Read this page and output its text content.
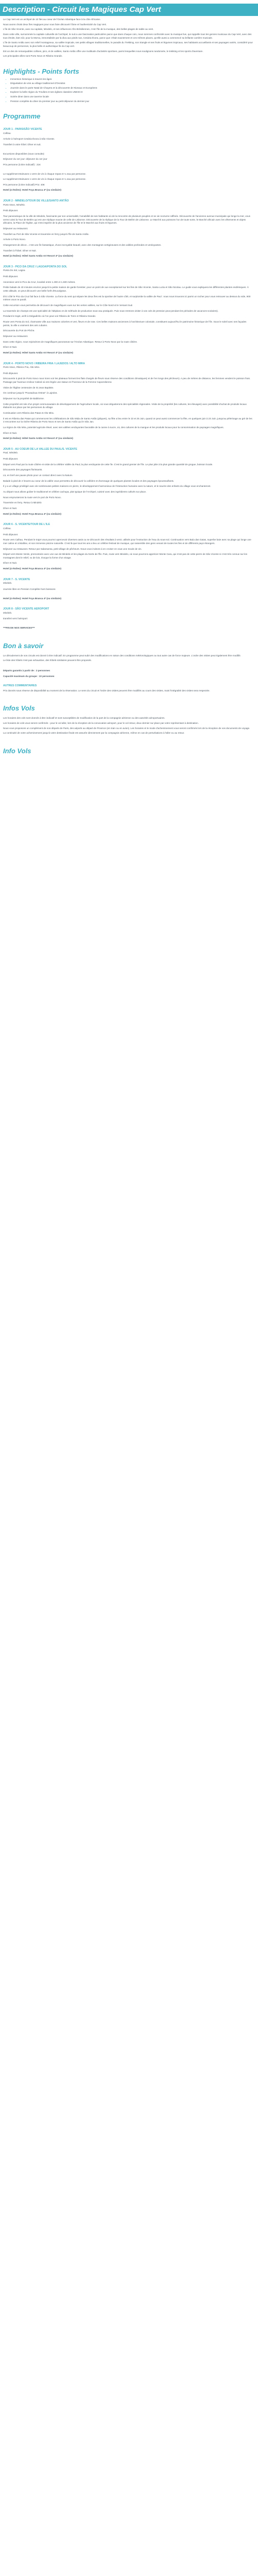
Description - Circuit les Magiques Cap Vert

Le Cap Vert est un archipel de 10 îles au coeur de l'Océan Atlantique face à la côte Africaine.

Nous avons choisi deux îles magiques pour vous faire découvrir l'âme et l'authenticité du Cap Vert.

L'île de São Vicente, avec sa capitale, Mindelo, et ses influences Afro-Brésiliennes, c'est l'île de la musique, des belles plages de sable au vent.

Dans cette ville, surnommée la capitale culturelle de l'archipel, le nuit a une fascination particulière parce que dans chaque coin, nous sommes confrontés avec la musique live, qui rappelle tous les genres musicaux du Cap-Vert, avec des tous étroits, bien sûr, pour la Morna, immortalisée par la diva aux pieds nus, Cesária Évora, parce que c'était exactement et ces mêmes places, qu'elle aussi a commencé sa brillante carrière musicale.

L'île de Santo Antão avec son relief montagneux, sa vallée tropicale, ses petits villages traditionnelles, le paradis du Trekking, son triangle et ses fruits et légumes tropicaux, ses habitants accueillants et ses paysages variés, considéré pour beaucoup de personnes, la plus belle et authentique île du Cap vert.

Est un des de remarquables collines, pics, et de vallées, Santo Antão offre une multitude d'activités sportives, parmi lesquelles nous soulignons randonnée, le trekking et les sports d'aventure.

Les principales villes sont Porto Novo et Ribeira Grande.

Highlights - Points forts
• Immersion historique à travers les âges
• Dégustation de vins au village traditionnel d'Ovnidos
• Journée dans le parte Natal de Chayera et la découverte de Niveaux et Européens
• Explorer la belle région du Trovães et ses églises classées UNESCO
• Soirée diner dans une taverne locale
• Pension complète du diner du premier jour au petit déjeuner du dernier jour
Programme
JOUR 1 - PARIS/SÃO VICENTE
Calhau.

Arrivée à l'aéroport Cesária Évora à São Vicente.

Transfert à votre hôtel. Dîner et nuit.

Excursions disponibles (sous consulte):

Déjeuner du 1er jour: déjeuner du 1er jour

Prix personne (à titre indicatif) : 21€

Le supplément Boisvans 1 verre de vin à chaque repas et ¼ eau par personne.

Le supplément Boisvans 1 verre de vin à chaque repas et ¼ eau par personne.

Prix personne (à titre indicatif) Prix: 40€

Hotel (4 étoiles): Hotel Foya Branca 4* (ou similaire)

JOUR 2 - MINDELO/TOUR DE VILLE/SANTO ANTÃO
Porto Novo, Mindelo.

Petit déjeuner.

Tour panoramique de la ville de Mindelo, fascinante par son universalité, l'amabilité de ses habitants où de la rencontre de plusieurs peuples et se vie nocturne raffinée. Découverte de l'ancienne avenue municipale qui longe la mer, vous verrez ainsi la Tour de Belém qui est une réplique exacte de celle de Lisbonne. Découverte de la réplique de la Tour de Belém de Lisbonne. Le Marché aux poissons l'un de toute sorte, le Marché africain avec les vêtements et objets africains, la Place de l'église, qui s'est inspirée de la plus ancienne de l'île et le Marché aux fruits et légumes.

Déjeuner au restaurant.

Transfert au Port de São Vicente et traversée en ferry jusqu'à l'île de Santo Antão.

Arrivée à Porto Novo.

Changement de décor... c'est une île fantastique, d'une incroyable beauté, avec des montagnes vertigineuses et des vallées profondes et verdoyantes.

Transfert à l'hôtel. Dîner et Nuit.

Hotel (4 étoiles): Hôtel Santo Antão Art Resort 4* (ou similaire)

JOUR 3 - PICO DA CRUZ / LAGOA/PONTA DO SOL
Ponta Do Sol, Lagoa.

Petit déjeuner.

Ascension vers le Pico da Cruz, localisé entre 1.300 et 1.600 mètres.

Petite balade de 40 minutes environ jusqu'à la petite maison de garde forestier, pour un point de vue exceptionnel sur les îles de São Vicente, Santa Luzia et São Nicolau. Le guide vous expliquera les différentes plantes endémiques. À cette altitude, on peut découvrir une belle forêt d'Eucalyptus.

D'ici côté le Pico da Cruz fait face à São Vicente. La force du vent qui sépare les deux îles est la sportive de l'autre côté, et surplombe la vallée de Paul : nous nous trouvons ici parmi un rocher pour vous retrouver au dessus du vide, 900 mètres vous ne paraît.

Cette excursion vous permettra de découvrir de magnifiques vues sur les vertes vallées, sur le Côte Nord et le Versant Sud.

La traversée de champs est une spécialité de l'altiplano et de méthode de production sous eau pratiquée. Puis nous rentrons visiter à vos cols de pression peut pendant les périodes de vacances scolaires).

Pendant le trajet, arrêt à Delgadinho où l'on peut voir Ribeira de Torre et Ribeira Grande.

Route vers Ponta do Sol, charmante ville aux maisons colorées et vert, fleurs et de rose. Ces belles maisons anciennes à l'architecture coloniale, constituent aujourd'hui le patrimoine historique de l'île. Sous le soleil avec ses façades peints, la ville a vraiment des airs cubains.

Découverte du Port de Pêche.

Déjeuner au restaurant.

Dans cette région, nous rejoindrons de magnifiques panoramas sur l'Océan Atlantique. Retour à Porto Novo par la route côtière.

Dîner et Nuit.

Hotel (4 étoiles): Hôtel Santo Antão Art Resort 4* (ou similaire)

JOUR 4 - PORTO NOVO / RIBEIRA FRIA / LAJEDOS / ALTO MIRA
Porto Novo, Ribeira Fria, Alto Mira.

Petit déjeuner.

Découverte à pied de Porto Novo nous trons voir les plateaux forment les flats chargés de fleurs sous réserve des conditions climatiques) et de l'en longs des pêcheurs). A peu de mètres de distance, les femmes vendent le poisson frais. Passage par l'avenue Amilcar Cabral où est érigée une statue en l'honneur de la Femme Capverdienne.

Visite de l'Église centenaire de St Jean Baptiste.

On continue jusqu'à "Pousadoua Ostras" à Lajedos.

Déjeuner sur la propriété de Babilonne.

Cette propriété est née d'un projet communautaire de développement de l'agriculture locale, où nous dégusterons des spécialités régionales. Visite de la propriété (les cultures, les élevages) avec possibilité d'achat de produits locaux élaborés sur place par les personnes du village.

Continuation vers Ribeira das Patas et Alto Mira.

Il est en Ribeira das Patas qui commencent les célébrations de São Mida de Santo Antão (pâques), sa fête a lieu entre le 23 et 25 Juin, quand on peut aussi commencer la fête, en quelques juin à 23 Juin, jusqu'au pélerinage au gré de les 3 rencontres sur la rivière Ribeira de Porto Novo et ses de Santo Antão qui le São Jan.

La région de Alto Mira, potentiel agricole élevé, avec ses vallées verdoyantes favorable de la canne à sucre, où, des cultures de la mangue et les produits locaux pour la consommation de paysages magnifiques.

Dîner et Nuit.

Hotel (4 étoiles): Hôtel Santo Antão Art Resort 4* (ou similaire)

JOUR 5 - AU COEUR DE LA VALLEE DU PAUL/S. VICENTE
Paul, Mindelo.

Petit déjeuner.

Départ vers Paul par la route côtière et visite de la célèbre Vallée du Paul, la plus verdoyante de cette île. C'est le grand grenier de l'île. Le plus jolie à la plus grande quantité de grogue, boisson locale.

Découverte des paysages florissants.

Là, en bref une pause photo pour un contact direct avec la Nature.

Balade à pied de 2 heures au coeur de la vallée vous permettra de découvrir la caféière et d'arrosage de quelques plantes locales et des paysages époustouflants.

Il y a un village privilégié avec de nombreuses petites maisons en pierre, le développement harmonieux de l'interaction humaine avec la nature, et le sourire des enfants du village vous enchanteront.

Au départ nous allons goûter le traditionnel et célèbre cachupa, plat typique de l'Archipel, cuisiné avec des ingrédients cultivés sur place.

Nous emprunterons la route vers le port de Porto Novo.

Traversée en ferry. Retour à Mindelo

Dîner et Nuit.

Hotel (4 étoiles): Hotel Foya Branca 4* (ou similaire)

JOUR 6 - S. VICENTE/TOUR DE L'ILE
Calhau.

Petit déjeuner.

Route vers Calhau. Pendant le trajet vous pourrez apercevoir diverses oasis ou se découvrir des résultats à venir, utilisés pour l'extraction de l'eau du sous-sol. Continuation vers Baía das Gatas, superbe baie avec sa plage qui longe une mer calme et cristalline, et son immense piscine naturelle. C'est là que tous les ans a lieu un célèbre festival de musique, qui rassemble des gens venant de toutes les îles et de différents pays étrangers.

Déjeuner au restaurant. Retour par Salamansa, petit village de pêcheurs. Nous vous invitons à en croiser en vous une moule de vin.

Départ vers Monte Verde, promontoire avec une vue de Mindelo et les plages du Norte de l'Île. Puis, route vers Mindelo, où nous pourrons apprécier Monte Cara, qui n'est pas de cette pierre de São Vicente si c'est très connue sur les montagnes dont le relief, vu de loin, évoque la forme d'un visage.

Dîner et Nuit.

Hotel (4 étoiles): Hotel Foya Branca 4* (ou similaire)

JOUR 7 - S. VICENTE
Mindelo.

Journée libre en Pension Complète hors boissons

Hotel (4 étoiles): Hotel Foya Branca 4* (ou similaire)

JOUR 8 - SÃO VICENTE AEROPORT
Mindelo.

transfert vers l'aéroport

***FIN DE NOS SERVICES***

Bon à savoir

Le déroulement de nos circuits est donné à titre indicatif. En programme peut subir des modifications en raison des conditions météorologiques ou tout autre cas de force majeure. L'ordre des visites peut également être modifié.

Le liste des hôtels n'est pas exhaustive, des hôtels similaires peuvent être proposés.

Départs garantis à partir de : 2 personnes

Capacité maximum du groupe : 10 personnes

AUTRES COMMENTAIRES

Prix donnés sous réserve de disponibilité au moment de la réservation. Le sens du circuit et l'ordre des visites peuvent être modifiés au cours des visites, mais l'intégralité des visites sera respectée.

Infos Vols

Les horaires des vols sont donnés à titre indicatif et sont susceptibles de modification de la part de la compagnie aérienne ou des autorités aéroportuaires.

Les horaires de vols vous seront confirmés - pour le vol aller, lors de la réception de la convocation aéroport, pour le vol retour, deux dernier sur place par votre représentant à destination.

Nous vous proposons un complément de nos départs de Paris, des aéports au départ de Province (en train ou en avion). Les horaires et le mode d'acheminement vous seront confirmés lors de la réception de vos documents de voyage.

La continuité de votre acheminement jusqu'à votre destination finale est assurée directement par la compagnie aérienne, même en cas de perturbations à l'aller ou au retour.

Info Vols
